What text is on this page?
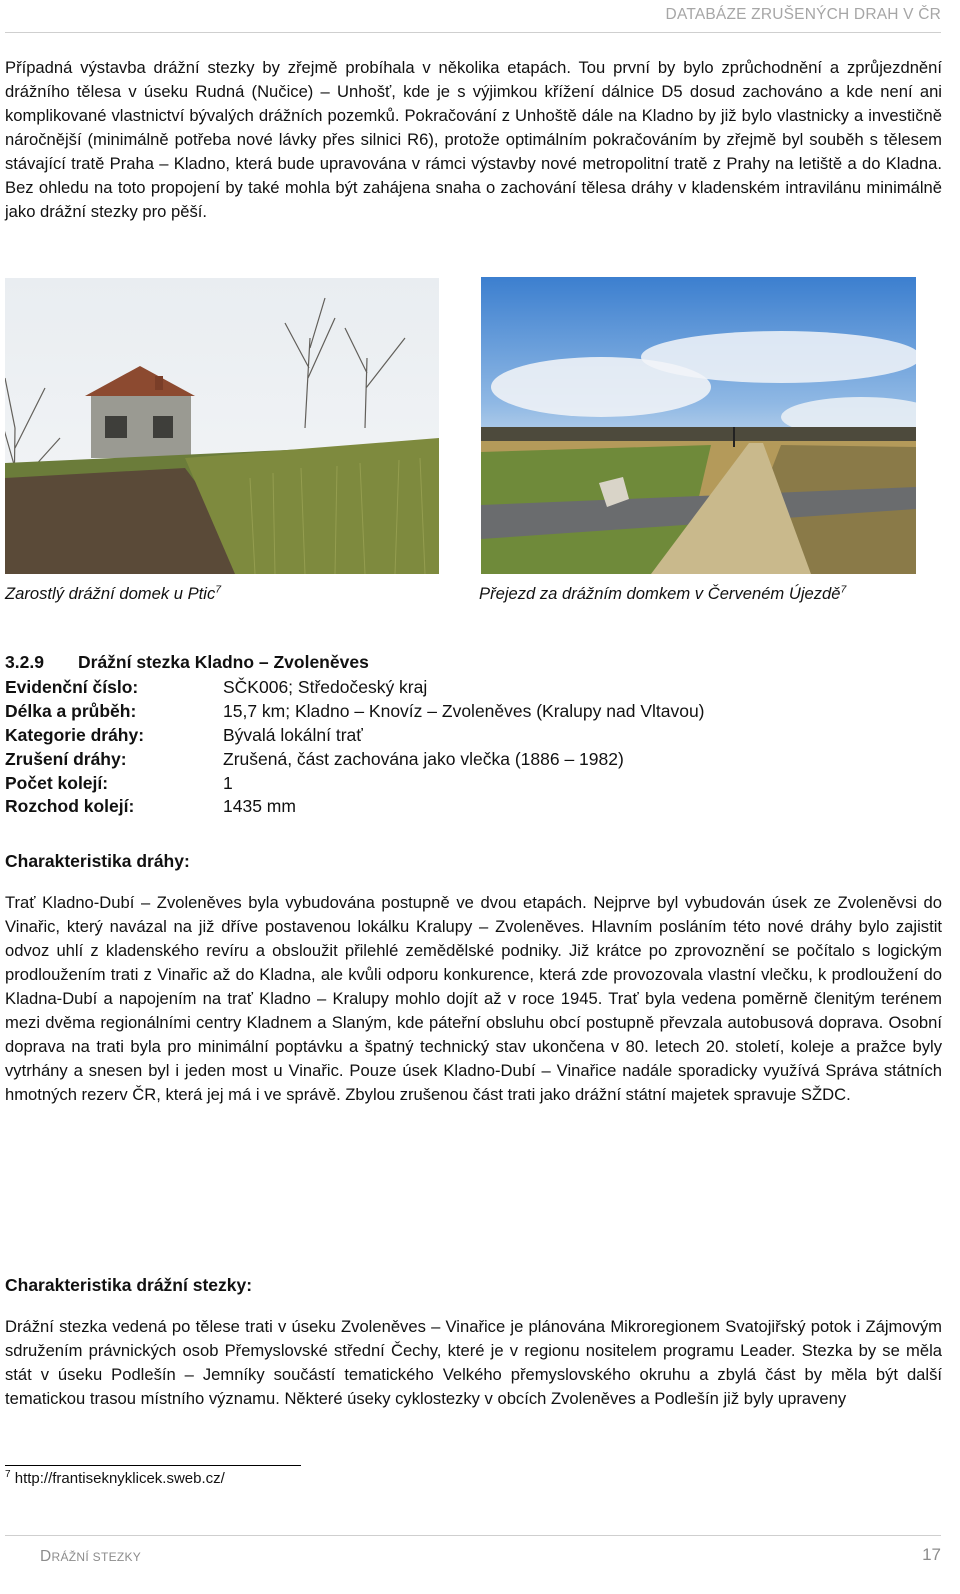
DATABÁZE ZRUŠENÝCH DRAH V ČR

Případná výstavba drážní stezky by zřejmě probíhala v několika etapách. Tou první by bylo zprůchodnění a zprůjezdnění drážního tělesa v úseku Rudná (Nučice) – Unhošť, kde je s výjimkou křížení dálnice D5 dosud zachováno a kde není ani komplikované vlastnictví bývalých drážních pozemků. Pokračování z Unhoště dále na Kladno by již bylo vlastnicky a investičně náročnější (minimálně potřeba nové lávky přes silnici R6), protože optimálním pokračováním by zřejmě byl souběh s tělesem stávající tratě Praha – Kladno, která bude upravována v rámci výstavby nové metropolitní tratě z Prahy na letiště a do Kladna. Bez ohledu na toto propojení by také mohla být zahájena snaha o zachování tělesa dráhy v kladenském intravilánu minimálně jako drážní stezky pro pěší.

Zarostlý drážní domek u Ptic$^7$	Přejezd za drážním domkem v Červeném Újezdě$^7$
3.2.9 Drážní stezka Kladno – Zvoleněves
Evidenční číslo:	SČK006; Středočeský kraj
Délka a průběh:	15,7 km; Kladno – Knovíz – Zvoleněves (Kralupy nad Vltavou)
Kategorie dráhy:	Bývalá lokální trať
Zrušení dráhy:	Zrušená, část zachována jako vlečka (1886 – 1982)
Počet kolejí:	1
Rozchod kolejí:	1435 mm
Charakteristika dráhy:

Trať Kladno-Dubí – Zvoleněves byla vybudována postupně ve dvou etapách. Nejprve byl vybudován úsek ze Zvoleněvsi do Vinařic, který navázal na již dříve postavenou lokálku Kralupy – Zvoleněves. Hlavním posláním této nové dráhy bylo zajistit odvoz uhlí z kladenského revíru a obsloužit přilehlé zemědělské podniky. Již krátce po zprovoznění se počítalo s logickým prodloužením trati z Vinařic až do Kladna, ale kvůli odporu konkurence, která zde provozovala vlastní vlečku, k prodloužení do Kladna-Dubí a napojením na trať Kladno – Kralupy mohlo dojít až v roce 1945. Trať byla vedena poměrně členitým terénem mezi dvěma regionálními centry Kladnem a Slaným, kde páteřní obsluhu obcí postupně převzala autobusová doprava. Osobní doprava na trati byla pro minimální poptávku a špatný technický stav ukončena v 80. letech 20. století, koleje a pražce byly vytrhány a snesen byl i jeden most u Vinařic. Pouze úsek Kladno-Dubí – Vinařice nadále sporadicky využívá Správa státních hmotných rezerv ČR, která jej má i ve správě. Zbylou zrušenou část trati jako drážní státní majetek spravuje SŽDC.

Charakteristika drážní stezky:

Drážní stezka vedená po tělese trati v úseku Zvoleněves – Vinařice je plánována Mikroregionem Svatojiřský potok i Zájmovým sdružením právnických osob Přemyslovské střední Čechy, které je v regionu nositelem programu Leader. Stezka by se měla stát v úseku Podlešín – Jemníky součástí tematického Velkého přemyslovského okruhu a zbylá část by měla být další tematickou trasou místního významu. Některé úseky cyklostezky v obcích Zvoleněves a Podlešín již byly upraveny

$^7$ http://frantiseknyklicek.sweb.cz/
DRÁŽNÍ STEZKY	17
